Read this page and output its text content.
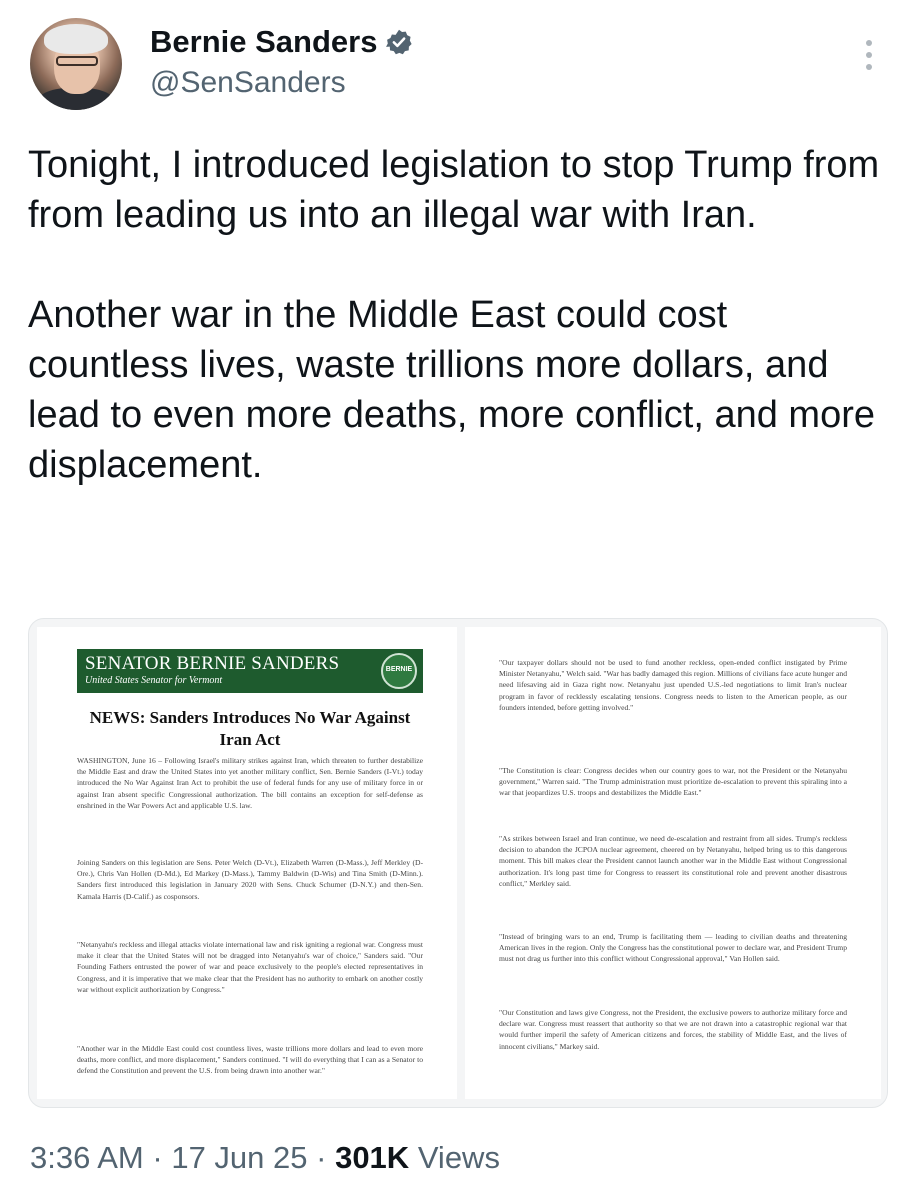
Bernie Sanders
@SenSanders

Tonight, I introduced legislation to stop Trump from from leading us into an illegal war with Iran.

Another war in the Middle East could cost countless lives, waste trillions more dollars, and lead to even more deaths, more conflict, and more displacement.

SENATOR BERNIE SANDERS
United States Senator for Vermont
BERNIE
NEWS: Sanders Introduces No War Against Iran Act
WASHINGTON, June 16 – Following Israel's military strikes against Iran, which threaten to further destabilize the Middle East and draw the United States into yet another military conflict, Sen. Bernie Sanders (I-Vt.) today introduced the No War Against Iran Act to prohibit the use of federal funds for any use of military force in or against Iran absent specific Congressional authorization. The bill contains an exception for self-defense as enshrined in the War Powers Act and applicable U.S. law.
Joining Sanders on this legislation are Sens. Peter Welch (D-Vt.), Elizabeth Warren (D-Mass.), Jeff Merkley (D-Ore.), Chris Van Hollen (D-Md.), Ed Markey (D-Mass.), Tammy Baldwin (D-Wis) and Tina Smith (D-Minn.). Sanders first introduced this legislation in January 2020 with Sens. Chuck Schumer (D-N.Y.) and then-Sen. Kamala Harris (D-Calif.) as cosponsors.
"Netanyahu's reckless and illegal attacks violate international law and risk igniting a regional war. Congress must make it clear that the United States will not be dragged into Netanyahu's war of choice," Sanders said. "Our Founding Fathers entrusted the power of war and peace exclusively to the people's elected representatives in Congress, and it is imperative that we make clear that the President has no authority to embark on another costly war without explicit authorization by Congress."
"Another war in the Middle East could cost countless lives, waste trillions more dollars and lead to even more deaths, more conflict, and more displacement," Sanders continued. "I will do everything that I can as a Senator to defend the Constitution and prevent the U.S. from being drawn into another war."
"Our taxpayer dollars should not be used to fund another reckless, open-ended conflict instigated by Prime Minister Netanyahu," Welch said. "War has badly damaged this region. Millions of civilians face acute hunger and need lifesaving aid in Gaza right now. Netanyahu just upended U.S.-led negotiations to limit Iran's nuclear program in favor of recklessly escalating tensions. Congress needs to listen to the American people, as our founders intended, before getting involved."
"The Constitution is clear: Congress decides when our country goes to war, not the President or the Netanyahu government," Warren said. "The Trump administration must prioritize de-escalation to prevent this spiraling into a war that jeopardizes U.S. troops and destabilizes the Middle East."
"As strikes between Israel and Iran continue, we need de-escalation and restraint from all sides. Trump's reckless decision to abandon the JCPOA nuclear agreement, cheered on by Netanyahu, helped bring us to this dangerous moment. This bill makes clear the President cannot launch another war in the Middle East without Congressional authorization. It's long past time for Congress to reassert its constitutional role and prevent another disastrous conflict," Merkley said.
"Instead of bringing wars to an end, Trump is facilitating them — leading to civilian deaths and threatening American lives in the region. Only the Congress has the constitutional power to declare war, and President Trump must not drag us further into this conflict without Congressional approval," Van Hollen said.
"Our Constitution and laws give Congress, not the President, the exclusive powers to authorize military force and declare war. Congress must reassert that authority so that we are not drawn into a catastrophic regional war that would further imperil the safety of American citizens and forces, the stability of Middle East, and the lives of innocent civilians," Markey said.
3:36 AM · 17 Jun 25 · 301K Views
